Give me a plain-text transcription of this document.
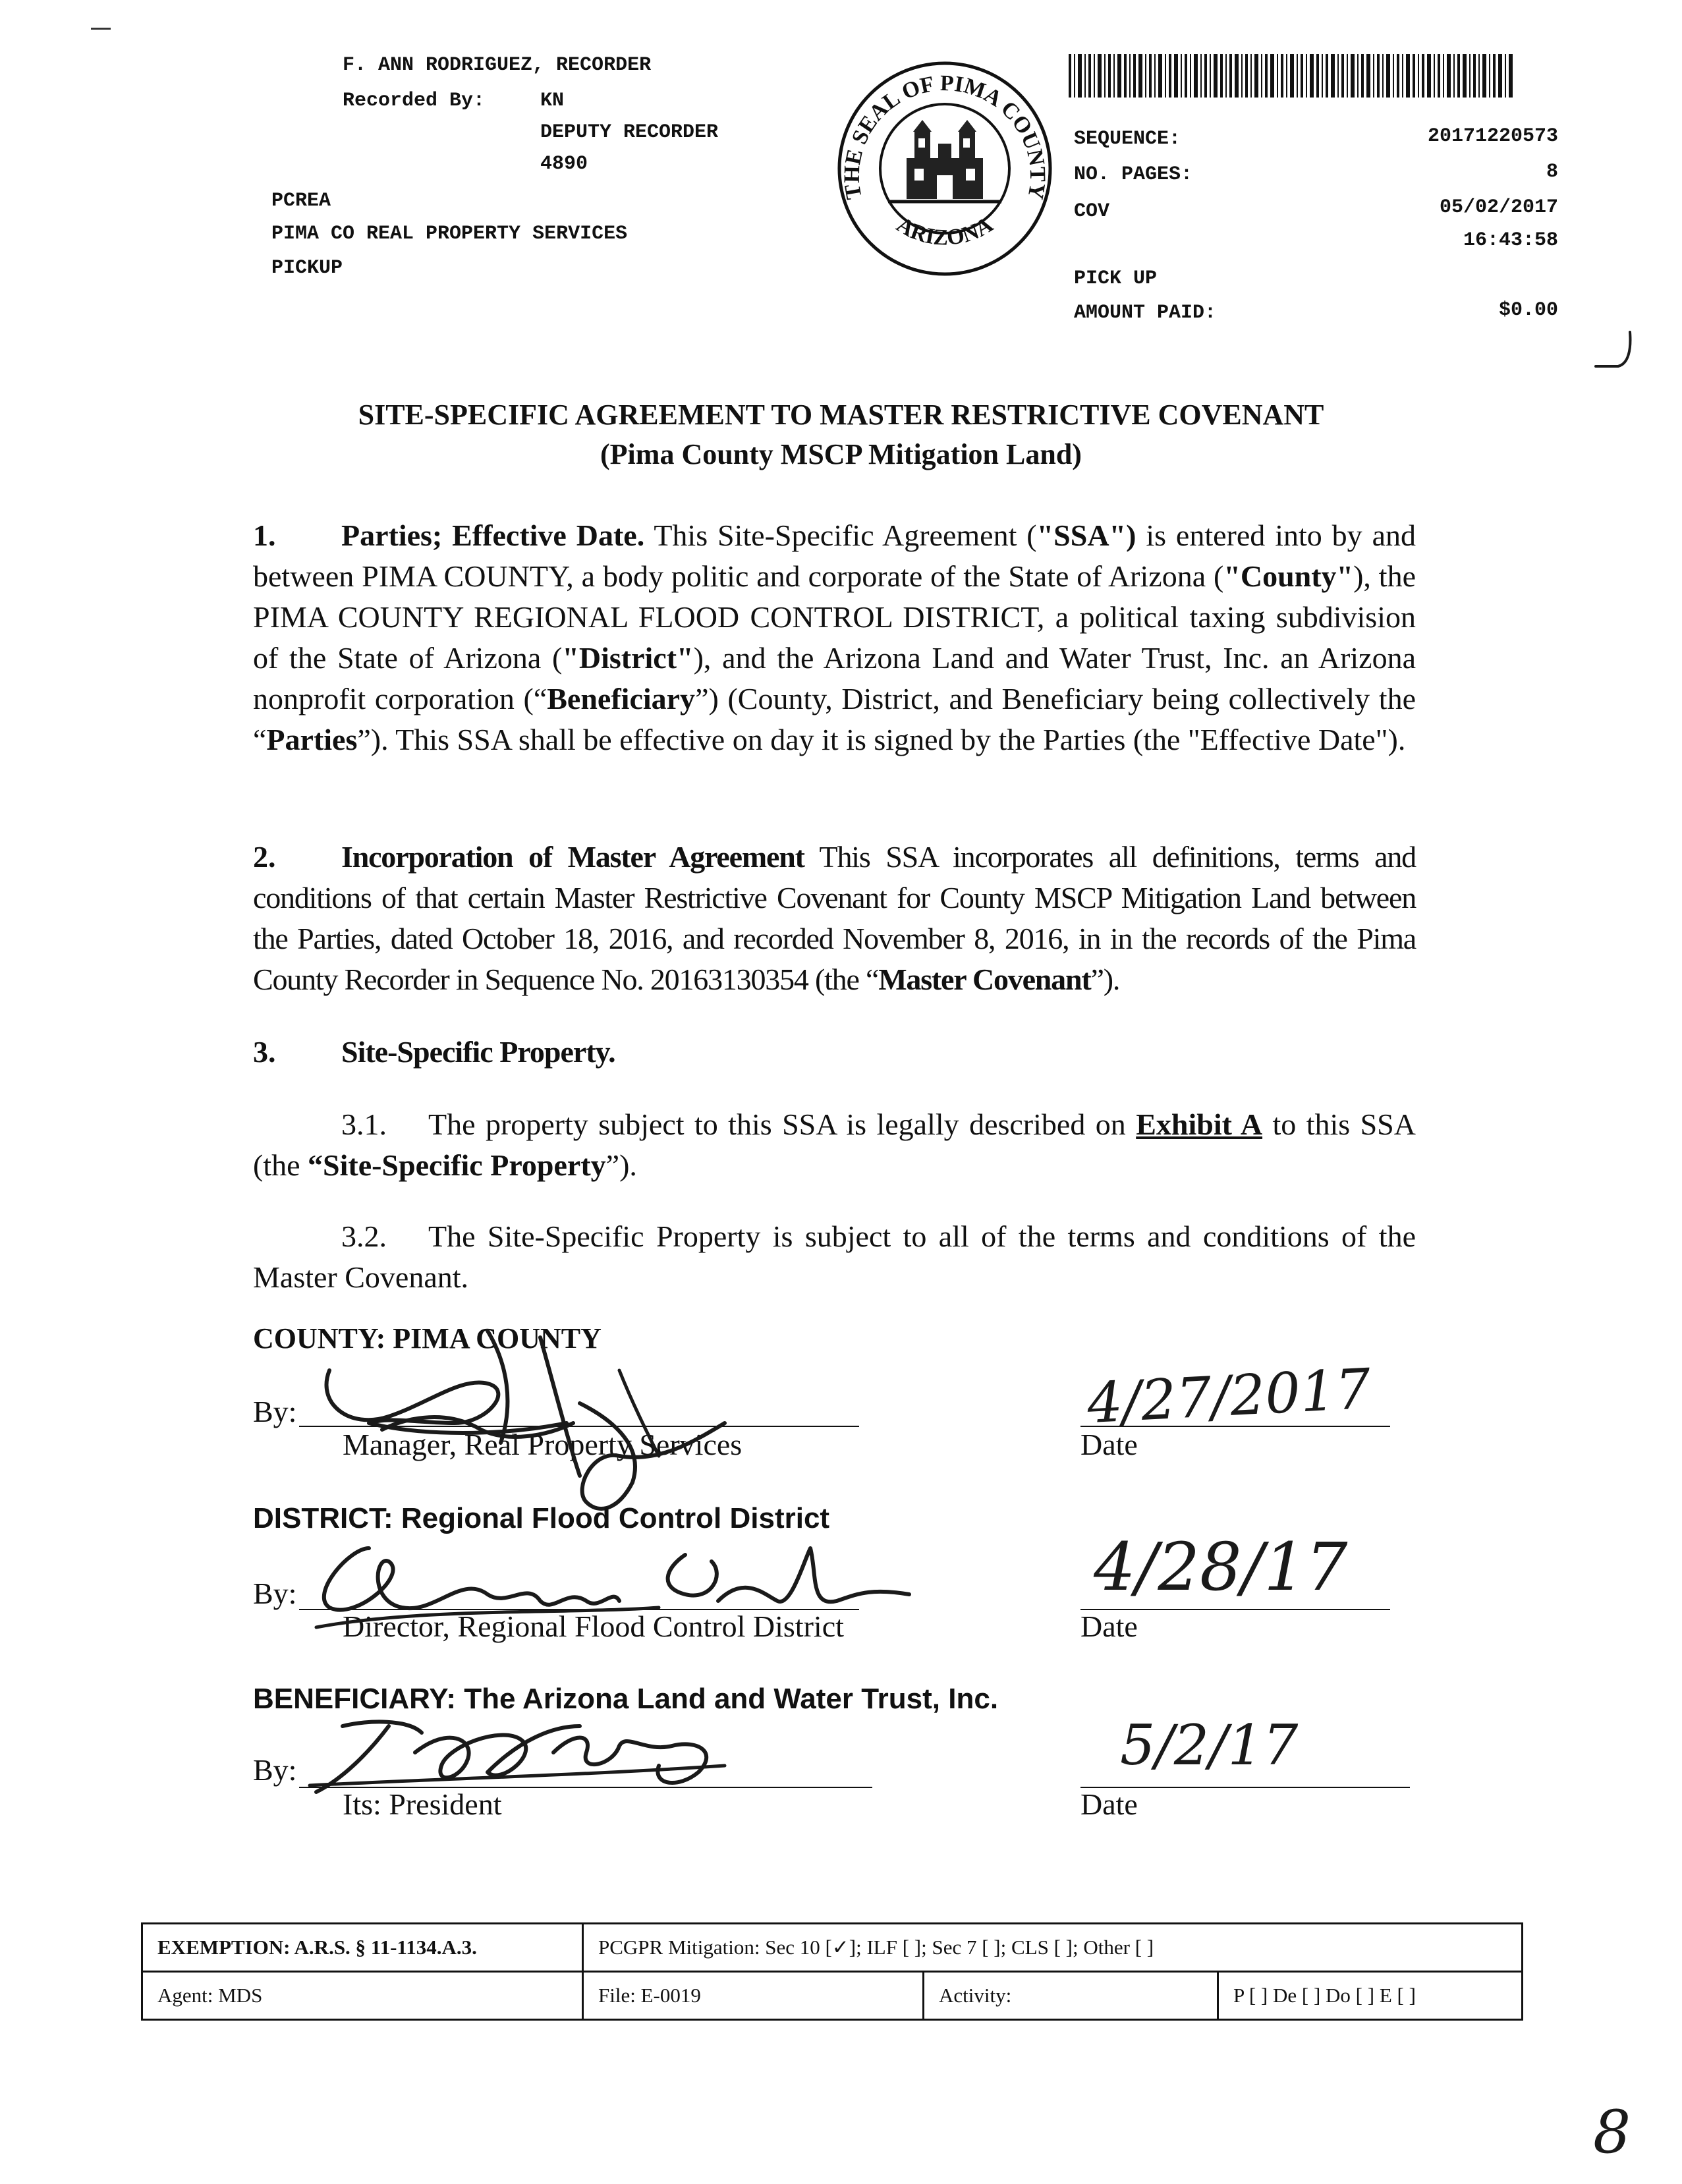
F. ANN RODRIGUEZ, RECORDER
Recorded By:	KN
DEPUTY RECORDER
4890
PCREA
PIMA CO REAL PROPERTY SERVICES
PICKUP
THE SEAL OF PIMA COUNTY
ARIZONA
SEQUENCE:	20171220573
NO. PAGES:	8
COV	05/02/2017
16:43:58
PICK UP
AMOUNT PAID:	$0.00
SITE-SPECIFIC AGREEMENT TO MASTER RESTRICTIVE COVENANT
(Pima County MSCP Mitigation Land)
1. Parties; Effective Date. This Site-Specific Agreement ("SSA") is entered into by and between PIMA COUNTY, a body politic and corporate of the State of Arizona ("County"), the PIMA COUNTY REGIONAL FLOOD CONTROL DISTRICT, a political taxing subdivision of the State of Arizona ("District"), and the Arizona Land and Water Trust, Inc. an Arizona nonprofit corporation (“Beneficiary”) (County, District, and Beneficiary being collectively the “Parties”). This SSA shall be effective on day it is signed by the Parties (the "Effective Date").
2. Incorporation of Master Agreement This SSA incorporates all definitions, terms and conditions of that certain Master Restrictive Covenant for County MSCP Mitigation Land between the Parties, dated October 18, 2016, and recorded November 8, 2016, in in the records of the Pima County Recorder in Sequence No. 20163130354 (the “Master Covenant”).
3. Site-Specific Property.
3.1. The property subject to this SSA is legally described on Exhibit A to this SSA (the “Site-Specific Property”).
3.2. The Site-Specific Property is subject to all of the terms and conditions of the Master Covenant.
COUNTY: PIMA COUNTY
By:
Manager, Real Property Services	Date
4/27/2017
DISTRICT: Regional Flood Control District
By:
Director, Regional Flood Control District	Date
4/28/17
BENEFICIARY: The Arizona Land and Water Trust, Inc.
By:
Its: President	Date
5/2/17
EXEMPTION: A.R.S. § 11-1134.A.3.	PCGPR Mitigation: Sec 10 [✓]; ILF [ ]; Sec 7 [ ]; CLS [ ]; Other [ ]		
Agent: MDS	File: E-0019	Activity:	P [ ] De [ ] Do [ ] E [ ]
8
